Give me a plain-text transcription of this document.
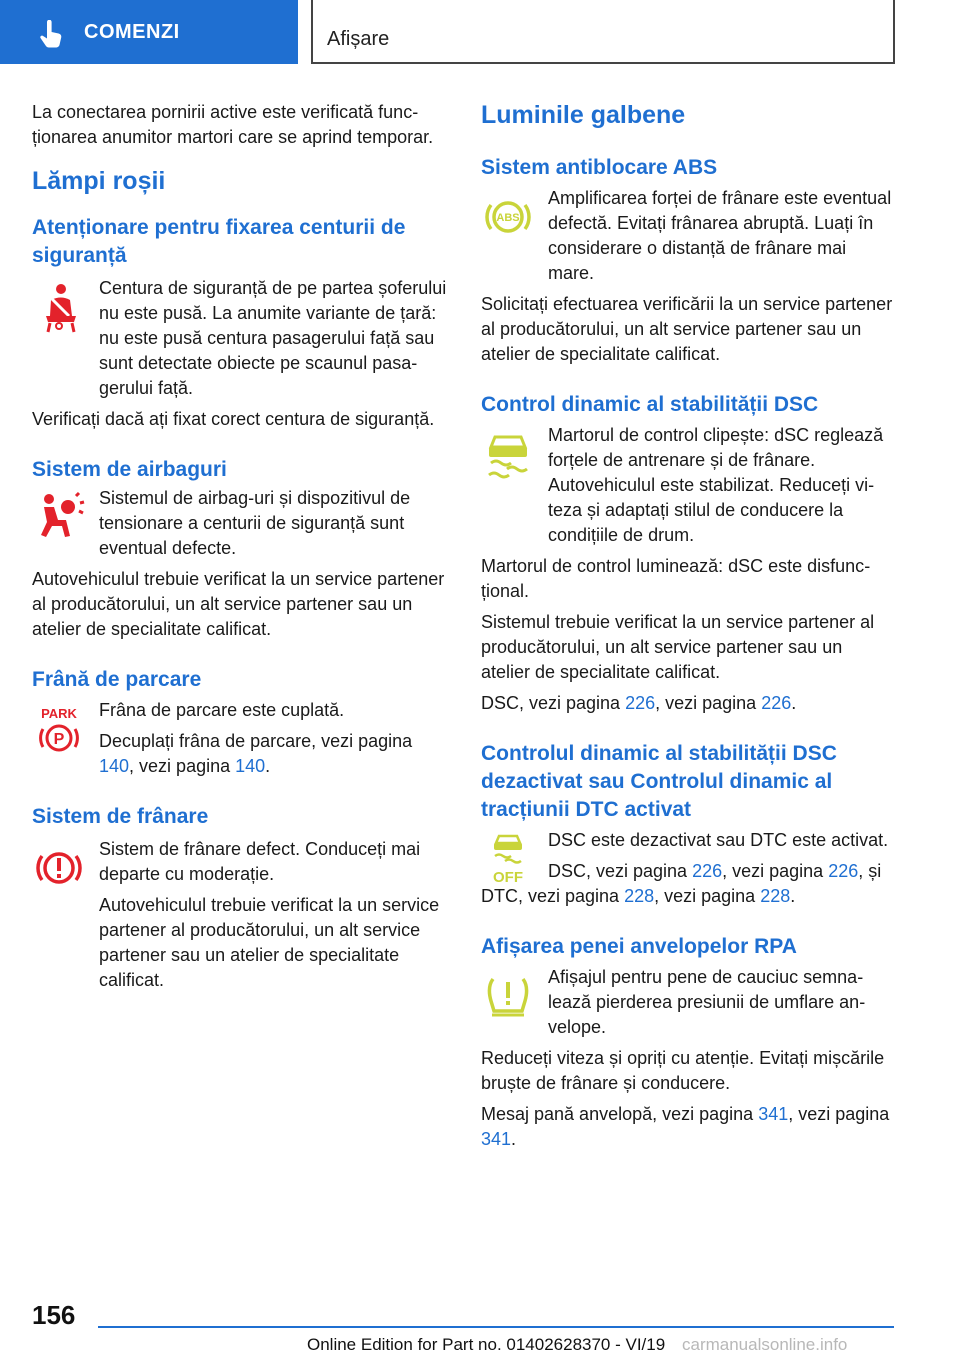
COMENZI	Afișare

La conectarea pornirii active este verificată funcționarea anumitor martori care se aprind temporar.

Lămpi roșii
Atenționare pentru fixarea centurii de siguranță

Centura de siguranță de pe partea șoferului nu este pusă. La anumite variante de țară: nu este pusă centura pasagerului față sau sunt detectate obiecte pe scaunul pasagerului față.

Verificați dacă ați fixat corect centura de siguranță.

Sistem de airbaguri

Sistemul de airbag-uri și dispozitivul de tensionare a centurii de siguranță sunt eventual defecte.

Autovehiculul trebuie verificat la un service partener al producătorului, un alt service partener sau un atelier de specialitate calificat.

Frână de parcare
PARK
P

Frâna de parcare este cuplată.

Decuplați frâna de parcare, vezi pagina 140, vezi pagina 140.

Sistem de frânare

Sistem de frânare defect. Conduceți mai departe cu moderație.

Autovehiculul trebuie verificat la un service partener al producătorului, un alt service partener sau un atelier de specialitate calificat.

Luminile galbene
Sistem antiblocare ABS
ABS

Amplificarea forței de frânare este eventual defectă. Evitați frânarea abruptă. Luați în considerare o distanță de frânare mai mare.

Solicitați efectuarea verificării la un service partener al producătorului, un alt service partener sau un atelier de specialitate calificat.

Control dinamic al stabilității DSC

Martorul de control clipește: dSC reglează forțele de antrenare și de frânare. Autovehiculul este stabilizat. Reduceți viteza și adaptați stilul de conducere la condițiile de drum.

Martorul de control luminează: dSC este disfuncțional.

Sistemul trebuie verificat la un service partener al producătorului, un alt service partener sau un atelier de specialitate calificat.

DSC, vezi pagina 226, vezi pagina 226.

Controlul dinamic al stabilității DSC dezactivat sau Controlul dinamic al tracțiunii DTC activat
OFF

DSC este dezactivat sau DTC este activat.

DSC, vezi pagina 226, vezi pagina 226, și DTC, vezi pagina 228, vezi pagina 228.

Afișarea penei anvelopelor RPA

Afișajul pentru pene de cauciuc semnalează pierderea presiunii de umflare anvelope.

Reduceți viteza și opriți cu atenție. Evitați mișcările bruște de frânare și conducere.

Mesaj pană anvelopă, vezi pagina 341, vezi pagina 341.

156
Online Edition for Part no. 01402628370 - VI/19 carmanualsonline.info
